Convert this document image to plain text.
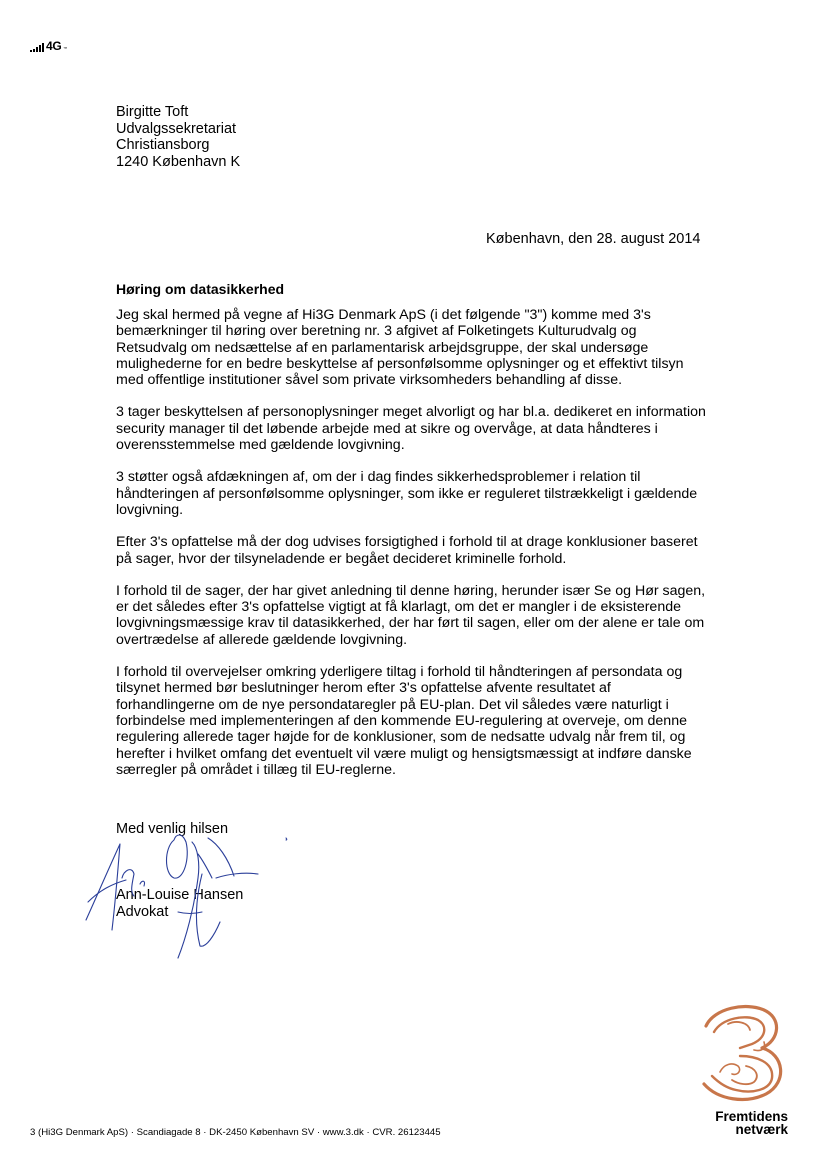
4G ™
Birgitte Toft
Udvalgssekretariat
Christiansborg
1240 København K
København, den 28. august 2014
Høring om datasikkerhed

Jeg skal hermed på vegne af Hi3G Denmark ApS (i det følgende "3") komme med 3's bemærkninger til høring over beretning nr. 3 afgivet af Folketingets Kulturudvalg og Retsudvalg om nedsættelse af en parlamentarisk arbejdsgruppe, der skal undersøge mulighederne for en bedre beskyttelse af personfølsomme oplysninger og et effektivt tilsyn med offentlige institutioner såvel som private virksomheders behandling af disse.

3 tager beskyttelsen af personoplysninger meget alvorligt og har bl.a. dedikeret en information security manager til det løbende arbejde med at sikre og overvåge, at data håndteres i overensstemmelse med gældende lovgivning.

3 støtter også afdækningen af, om der i dag findes sikkerhedsproblemer i relation til håndteringen af personfølsomme oplysninger, som ikke er reguleret tilstrækkeligt i gældende lovgivning.

Efter 3's opfattelse må der dog udvises forsigtighed i forhold til at drage konklusioner baseret på sager, hvor der tilsyneladende er begået decideret kriminelle forhold.

I forhold til de sager, der har givet anledning til denne høring, herunder især Se og Hør sagen, er det således efter 3's opfattelse vigtigt at få klarlagt, om det er mangler i de eksisterende lovgivningsmæssige krav til datasikkerhed, der har ført til sagen, eller om der alene er tale om overtrædelse af allerede gældende lovgivning.

I forhold til overvejelser omkring yderligere tiltag i forhold til håndteringen af persondata og tilsynet hermed bør beslutninger herom efter 3's opfattelse afvente resultatet af forhandlingerne om de nye persondataregler på EU-plan. Det vil således være naturligt i forbindelse med implementeringen af den kommende EU-regulering at overveje, om denne regulering allerede tager højde for de konklusioner, som de nedsatte udvalg når frem til, og herefter i hvilket omfang det eventuelt vil være muligt og hensigtsmæssigt at indføre danske særregler på området i tillæg til EU-reglerne.

Med venlig hilsen
Ann-Louise Hansen
Advokat
Fremtidens
netværk
3 (Hi3G Denmark ApS) · Scandiagade 8 · DK-2450 København SV · www.3.dk · CVR. 26123445
